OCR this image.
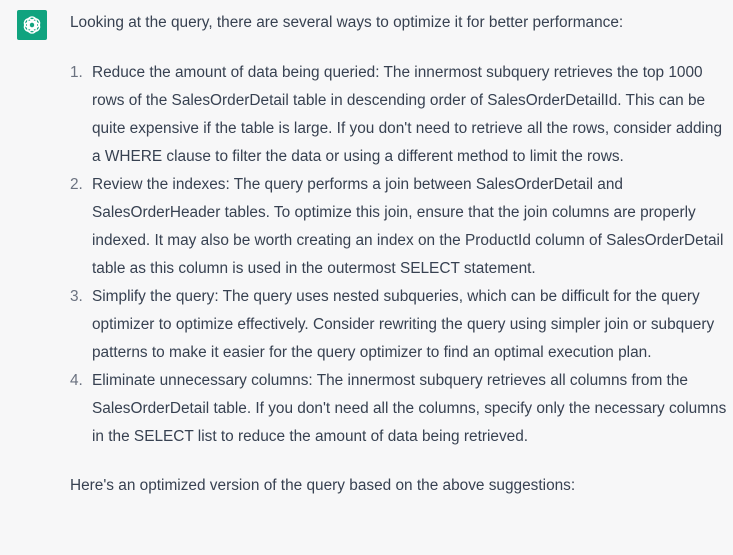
Looking at the query, there are several ways to optimize it for better performance:

1. Reduce the amount of data being queried: The innermost subquery retrieves the top 1000 rows of the SalesOrderDetail table in descending order of SalesOrderDetailId. This can be quite expensive if the table is large. If you don't need to retrieve all the rows, consider adding a WHERE clause to filter the data or using a different method to limit the rows.
2. Review the indexes: The query performs a join between SalesOrderDetail and SalesOrderHeader tables. To optimize this join, ensure that the join columns are properly indexed. It may also be worth creating an index on the ProductId column of SalesOrderDetail table as this column is used in the outermost SELECT statement.
3. Simplify the query: The query uses nested subqueries, which can be difficult for the query optimizer to optimize effectively. Consider rewriting the query using simpler join or subquery patterns to make it easier for the query optimizer to find an optimal execution plan.
4. Eliminate unnecessary columns: The innermost subquery retrieves all columns from the SalesOrderDetail table. If you don't need all the columns, specify only the necessary columns in the SELECT list to reduce the amount of data being retrieved.

Here's an optimized version of the query based on the above suggestions:
